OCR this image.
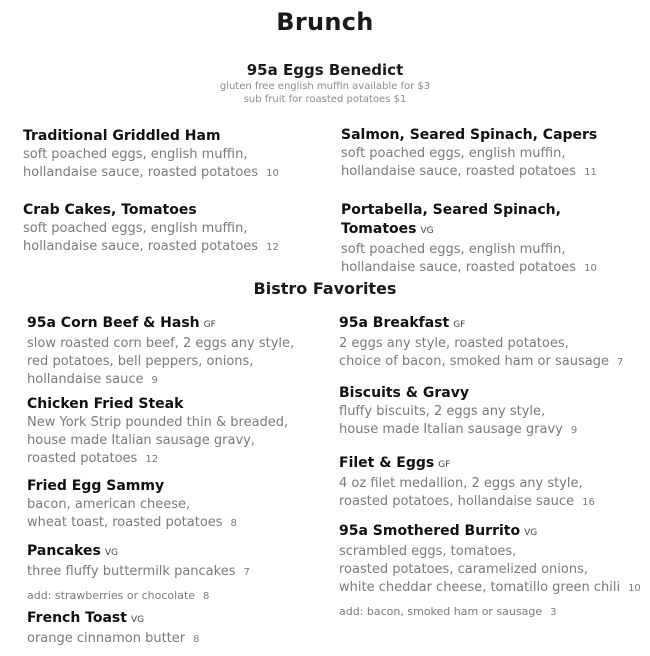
Brunch
95a Eggs Benedict
gluten free english muffin available for $3
sub fruit for roasted potatoes $1
Traditional Griddled Ham
soft poached eggs, english muffin,
hollandaise sauce, roasted potatoes 10
Salmon, Seared Spinach, Capers
soft poached eggs, english muffin,
hollandaise sauce, roasted potatoes 11
Crab Cakes, Tomatoes
soft poached eggs, english muffin,
hollandaise sauce, roasted potatoes 12
Portabella, Seared Spinach, Tomatoes VG
soft poached eggs, english muffin,
hollandaise sauce, roasted potatoes 10
Bistro Favorites
95a Corn Beef & Hash GF
slow roasted corn beef, 2 eggs any style,
red potatoes, bell peppers, onions,
hollandaise sauce 9
Chicken Fried Steak
New York Strip pounded thin & breaded,
house made Italian sausage gravy,
roasted potatoes 12
Fried Egg Sammy
bacon, american cheese,
wheat toast, roasted potatoes 8
Pancakes VG
three fluffy buttermilk pancakes 7
add: strawberries or chocolate 8
French Toast VG
orange cinnamon butter 8
95a Breakfast GF
2 eggs any style, roasted potatoes,
choice of bacon, smoked ham or sausage 7
Biscuits & Gravy
fluffy biscuits, 2 eggs any style,
house made Italian sausage gravy 9
Filet & Eggs GF
4 oz filet medallion, 2 eggs any style,
roasted potatoes, hollandaise sauce 16
95a Smothered Burrito VG
scrambled eggs, tomatoes,
roasted potatoes, caramelized onions,
white cheddar cheese, tomatillo green chili 10
add: bacon, smoked ham or sausage 3
